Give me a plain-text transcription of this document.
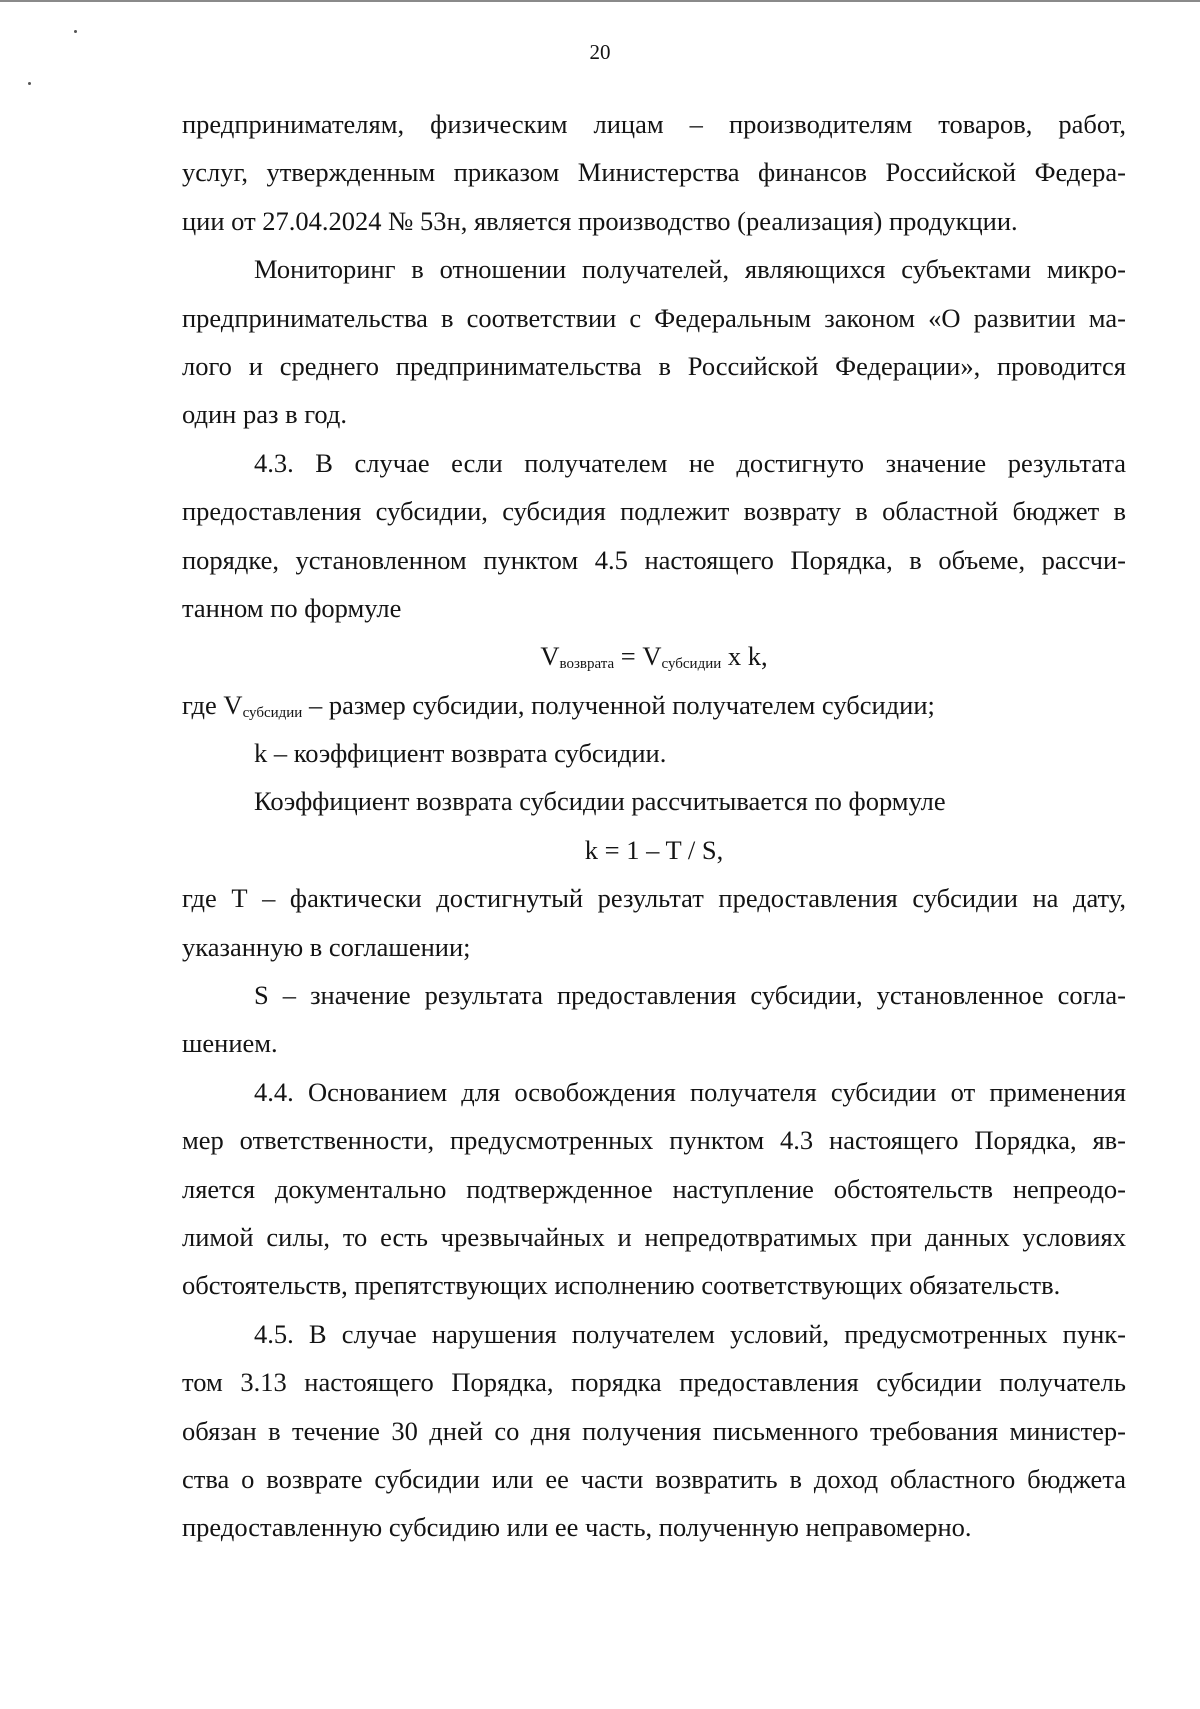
20
предпринимателям, физическим лицам – производителям товаров, работ,
услуг, утвержденным приказом Министерства финансов Российской Федера-
ции от 27.04.2024 № 53н, является производство (реализация) продукции.
Мониторинг в отношении получателей, являющихся субъектами микро-
предпринимательства в соответствии с Федеральным законом «О развитии ма-
лого и среднего предпринимательства в Российской Федерации», проводится
один раз в год.
4.3. В случае если получателем не достигнуто значение результата
предоставления субсидии, субсидия подлежит возврату в областной бюджет в
порядке, установленном пунктом 4.5 настоящего Порядка, в объеме, рассчи-
танном по формуле
$V_{возврата} = V_{субсидии}$ x k,
где $V_{субсидии}$ – размер субсидии, полученной получателем субсидии;
k – коэффициент возврата субсидии.
Коэффициент возврата субсидии рассчитывается по формуле
k = 1 – T / S,
где Т – фактически достигнутый результат предоставления субсидии на дату,
указанную в соглашении;
S – значение результата предоставления субсидии, установленное согла-
шением.
4.4. Основанием для освобождения получателя субсидии от применения
мер ответственности, предусмотренных пунктом 4.3 настоящего Порядка, яв-
ляется документально подтвержденное наступление обстоятельств непреодо-
лимой силы, то есть чрезвычайных и непредотвратимых при данных условиях
обстоятельств, препятствующих исполнению соответствующих обязательств.
4.5. В случае нарушения получателем условий, предусмотренных пунк-
том 3.13 настоящего Порядка, порядка предоставления субсидии получатель
обязан в течение 30 дней со дня получения письменного требования министер-
ства о возврате субсидии или ее части возвратить в доход областного бюджета
предоставленную субсидию или ее часть, полученную неправомерно.
